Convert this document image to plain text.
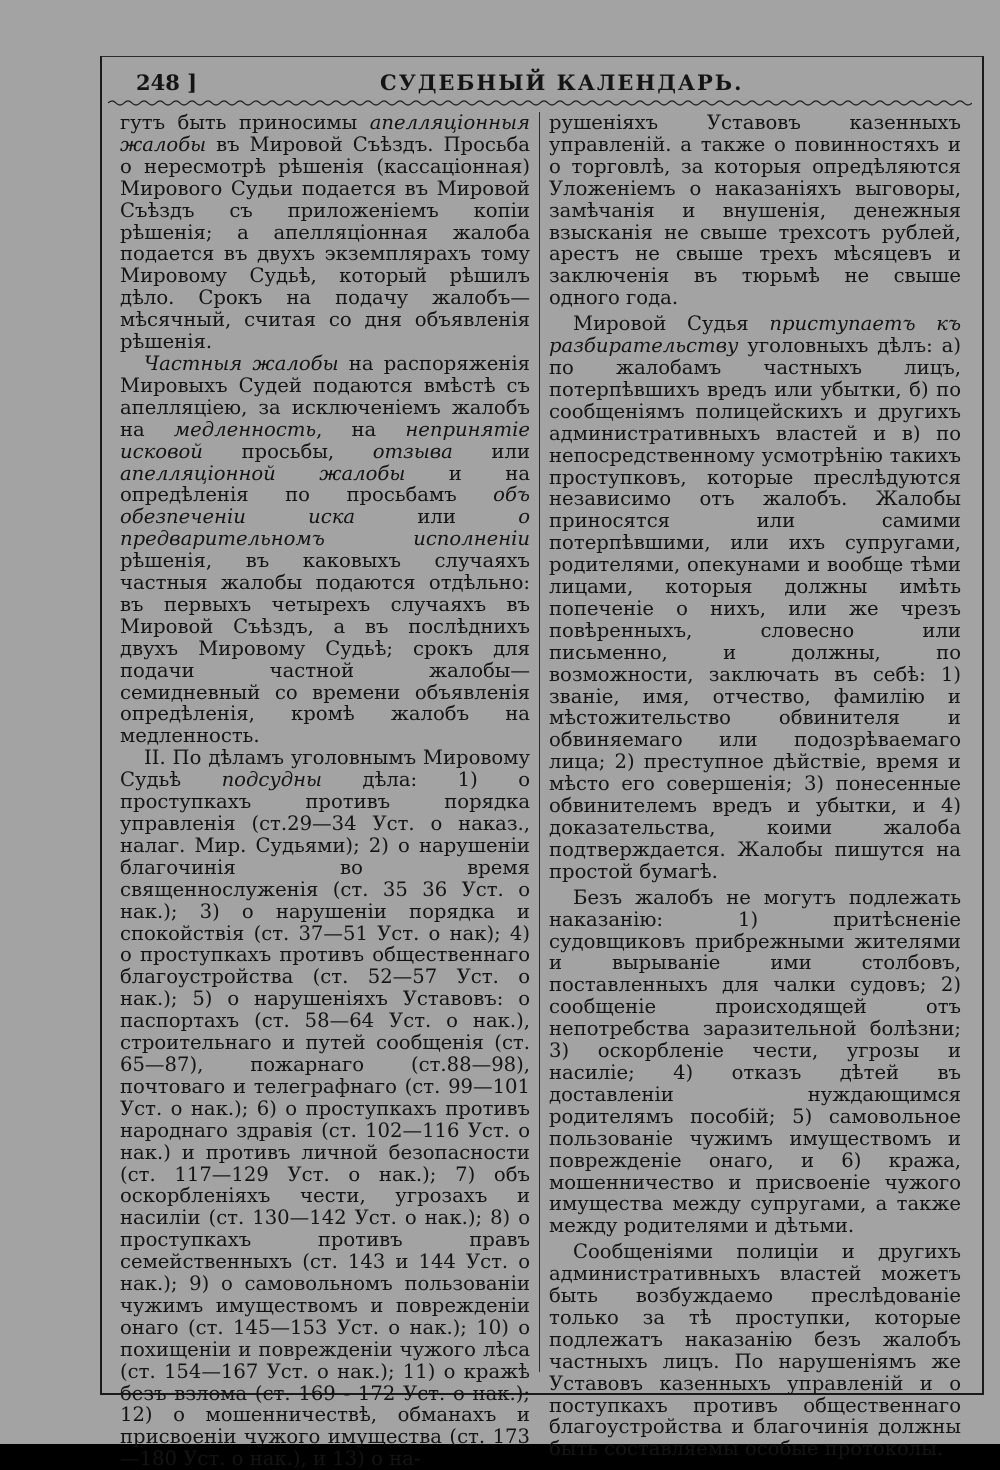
248 ]	СУДЕБНЫЙ КАЛЕНДАРЬ.

гутъ быть приносимы апелляціонныя жалобы въ Мировой Съѣздъ. Просьба о нересмотрѣ рѣшенія (кассаціонная) Мирового Судьи подается въ Мировой Съѣздъ съ приложеніемъ копіи рѣшенія; а апелляціонная жалоба подается въ двухъ экземплярахъ тому Мировому Судьѣ, который рѣшилъ дѣло. Срокъ на подачу жалобъ—мѣсячный, считая со дня объявленія рѣшенія.

Частныя жалобы на распоряженія Мировыхъ Судей подаются вмѣстѣ съ апелляціею, за исключеніемъ жалобъ на медленность, на непринятіе исковой просьбы, отзыва или апелляціонной жалобы и на опредѣленія по просьбамъ объ обезпеченіи иска или о предварительномъ исполненіи рѣшенія, въ каковыхъ случаяхъ частныя жалобы подаются отдѣльно: въ первыхъ четырехъ случаяхъ въ Мировой Съѣздъ, а въ послѣднихъ двухъ Мировому Судьѣ; срокъ для подачи частной жалобы—семидневный со времени объявленія опредѣленія, кромѣ жалобъ на медленность.

II. По дѣламъ уголовнымъ Мировому Судьѣ подсудны дѣла: 1) о проступкахъ противъ порядка управленія (ст.29—34 Уст. о наказ., налаг. Мир. Судьями); 2) о нарушеніи благочинія во время священнослуженія (ст. 35 36 Уст. о нак.); 3) о нарушеніи порядка и спокойствія (ст. 37—51 Уст. о нак); 4) о проступкахъ противъ общественнаго благоустройства (ст. 52—57 Уст. о нак.); 5) о нарушеніяхъ Уставовъ: о паспортахъ (ст. 58—64 Уст. о нак.), строительнаго и путей сообщенія (ст. 65—87), пожарнаго (ст.88—98), почтоваго и телеграфнаго (ст. 99—101 Уст. о нак.); 6) о проступкахъ противъ народнаго здравія (ст. 102—116 Уст. о нак.) и противъ личной безопасности (ст. 117—129 Уст. о нак.); 7) объ оскорбленіяхъ чести, угрозахъ и насиліи (ст. 130—142 Уст. о нак.); 8) о проступкахъ противъ правъ семейственныхъ (ст. 143 и 144 Уст. о нак.); 9) о самовольномъ пользованіи чужимъ имуществомъ и поврежденіи онаго (ст. 145—153 Уст. о нак.); 10) о похищеніи и поврежденіи чужого лѣса (ст. 154—167 Уст. о нак.); 11) о кражѣ безъ взлома (ст. 169 - 172 Уст. о нак.); 12) о мошенничествѣ, обманахъ и присвоеніи чужого имущества (ст. 173—180 Уст. о нак.), и 13) о на-

рушеніяхъ Уставовъ казенныхъ управленій. а также о повинностяхъ и о торговлѣ, за которыя опредѣляются Уложеніемъ о наказаніяхъ выговоры, замѣчанія и внушенія, денежныя взысканія не свыше трехсотъ рублей, арестъ не свыше трехъ мѣсяцевъ и заключенія въ тюрьмѣ не свыше одного года.

Мировой Судья приступаетъ къ разбирательству уголовныхъ дѣлъ: а) по жалобамъ частныхъ лицъ, потерпѣвшихъ вредъ или убытки, б) по сообщеніямъ полицейскихъ и другихъ административныхъ властей и в) по непосредственному усмотрѣнію такихъ проступковъ, которые преслѣдуются независимо отъ жалобъ. Жалобы приносятся или самими потерпѣвшими, или ихъ супругами, родителями, опекунами и вообще тѣми лицами, которыя должны имѣть попеченіе о нихъ, или же чрезъ повѣренныхъ, словесно или письменно, и должны, по возможности, заключать въ себѣ: 1) званіе, имя, отчество, фамилію и мѣстожительство обвинителя и обвиняемаго или подозрѣваемаго лица; 2) преступное дѣйствіе, время и мѣсто его совершенія; 3) понесенные обвинителемъ вредъ и убытки, и 4) доказательства, коими жалоба подтверждается. Жалобы пишутся на простой бумагѣ.

Безъ жалобъ не могутъ подлежать наказанію: 1) притѣсненіе судовщиковъ прибрежными жителями и вырываніе ими столбовъ, поставленныхъ для чалки судовъ; 2) сообщеніе происходящей отъ непотребства заразительной болѣзни; 3) оскорбленіе чести, угрозы и насиліе; 4) отказъ дѣтей въ доставленіи нуждающимся родителямъ пособій; 5) самовольное пользованіе чужимъ имуществомъ и поврежденіе онаго, и 6) кража, мошенничество и присвоеніе чужого имущества между супругами, а также между родителями и дѣтьми.

Сообщеніями полиціи и другихъ административныхъ властей можетъ быть возбуждаемо преслѣдованіе только за тѣ проступки, которые подлежатъ наказанію безъ жалобъ частныхъ лицъ. По нарушеніямъ же Уставовъ казенныхъ управленій и о поступкахъ противъ общественнаго благоустройства и благочинія должны быть составляемы особые протоколы.
